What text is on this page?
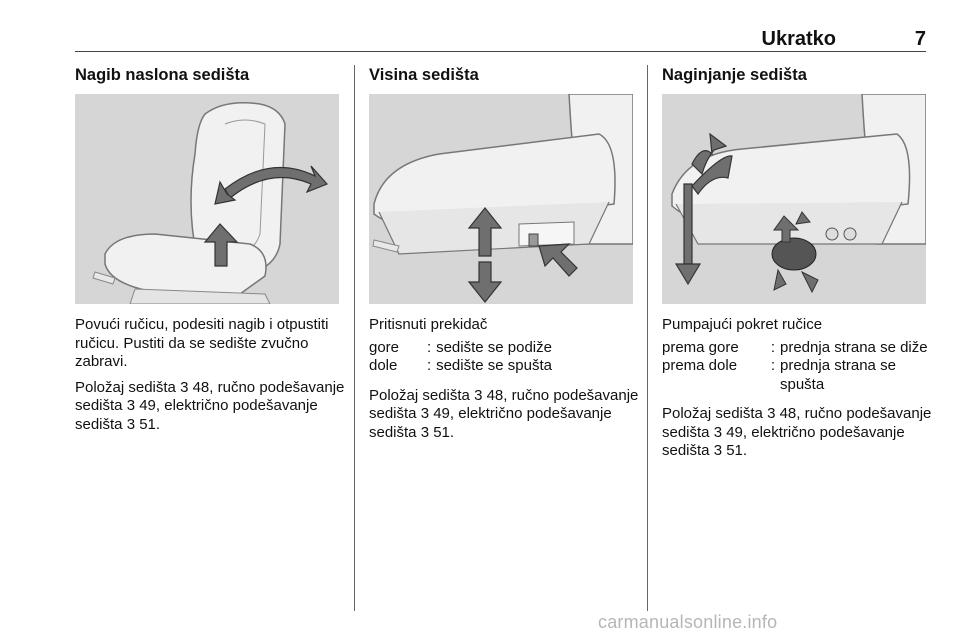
Ukratko	7
Nagib naslona sedišta

Povući ručicu, podesiti nagib i otpustiti ručicu. Pustiti da se sedište zvučno zabravi.

Položaj sedišta 3 48, ručno podešavanje sedišta 3 49, električno podešavanje sedišta 3 51.

Visina sedišta

Pritisnuti prekidač

gore	:	sedište se podiže
dole	:	sedište se spušta

Položaj sedišta 3 48, ručno podešavanje sedišta 3 49, električno podešavanje sedišta 3 51.

Naginjanje sedišta

Pumpajući pokret ručice

prema gore	:	prednja strana se diže
prema dole	:	prednja strana se spušta

Položaj sedišta 3 48, ručno podešavanje sedišta 3 49, električno podešavanje sedišta 3 51.

carmanualsonline.info
